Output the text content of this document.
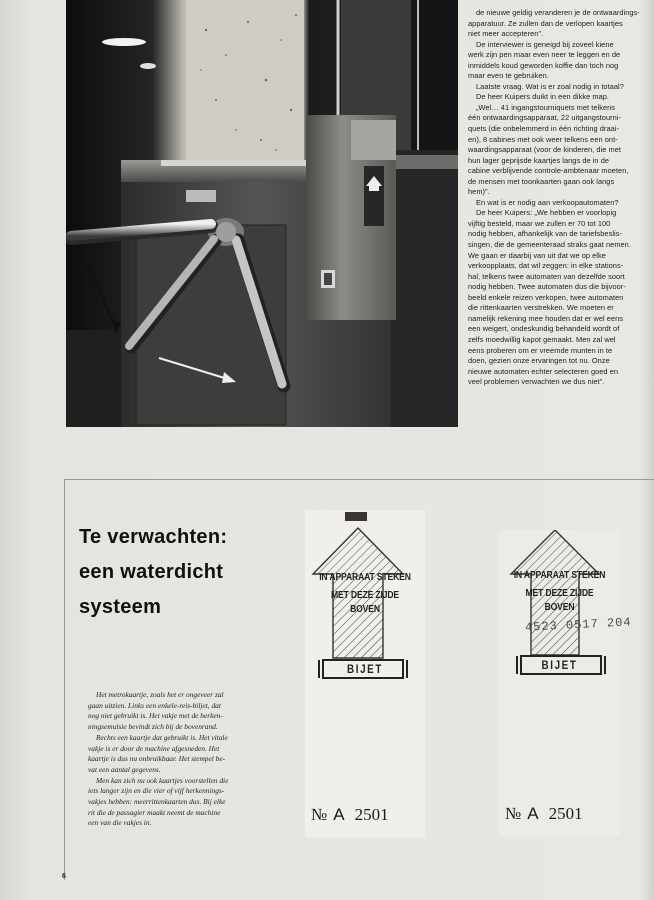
de nieuwe geldig veranderen je de ontwaardings-
apparatuur. Ze zullen dan de verlopen kaartjes
niet meer accepteren".

De interviewer is geneigd bij zoveel kiene
werk zijn pen maar even neer te leggen en de
inmiddels koud geworden koffie dan toch nog
maar even te gebruiken.

Laatste vraag. Wat is er zoal nodig in totaal?

De heer Kuipers duikt in een dikke map.

„Wel… 41 ingangstourniquets met telkens
één ontwaardingsapparaat, 22 uitgangstourni-
quets (die onbelemmerd in één richting draai-
en), 8 cabines met ook weer telkens een ont-
waardingsapparaat (voor de kinderen, die met
hun lager geprijsde kaartjes langs de in de
cabine verblijvende controle-ambtenaar moeten,
de mensen met toonkaarten gaan ook langs
hem)".

En wat is er nodig aan verkoopautomaten?

De heer Kuipers: „We hebben er voorlopig
vijftig besteld, maar we zullen er 70 tot 100
nodig hebben, afhankelijk van de tariefsbeslis-
singen, die de gemeenteraad straks gaat nemen.
We gaan er daarbij van uit dat we op elke
verkoopplaats, dat wil zeggen: in elke stations-
hal, telkens twee automaten van dezelfde soort
nodig hebben. Twee automaten dus die bijvoor-
beeld enkele reizen verkopen, twee automaten
die rittenkaarten verstrekken. We moeten er
namelijk rekening mee houden dat er wel eens
een weigert, ondeskundig behandeld wordt of
zelfs moedwillig kapot gemaakt. Men zal wel
eens proberen om er vreemde munten in te
doen, gezien onze ervaringen tot nu. Onze
nieuwe automaten echter selecteren goed en
veel problemen verwachten we dus niet".

Te verwachten:
een waterdicht
systeem

Het metrokaartje, zoals het er ongeveer zal
gaan uitzien. Links een enkele-reis-biljet, dat
nog niet gebruikt is. Het vakje met de herken-
ningsemulsie bevindt zich bij de bovenrand.

Rechts een kaartje dat gebruikt is. Het vitale
vakje is er door de machine afgesneden. Het
kaartje is dus nu onbruikbaar. Het stempel be-
vat een aantal gegevens.

Men kan zich nu ook kaartjes voorstellen die
iets langer zijn en die vier of vijf herkennings-
vakjes hebben: meerrittenkaarten dus. Bij elke
rit die de passagier maakt neemt de machine
een van die vakjes in.

IN APPARAAT STEKEN
MET DEZE ZIJDE BOVEN
BIJET
№ A 2501
IN APPARAAT STEKEN
MET DEZE ZIJDE BOVEN
4523 0517 204
BIJET
№ A 2501
6
